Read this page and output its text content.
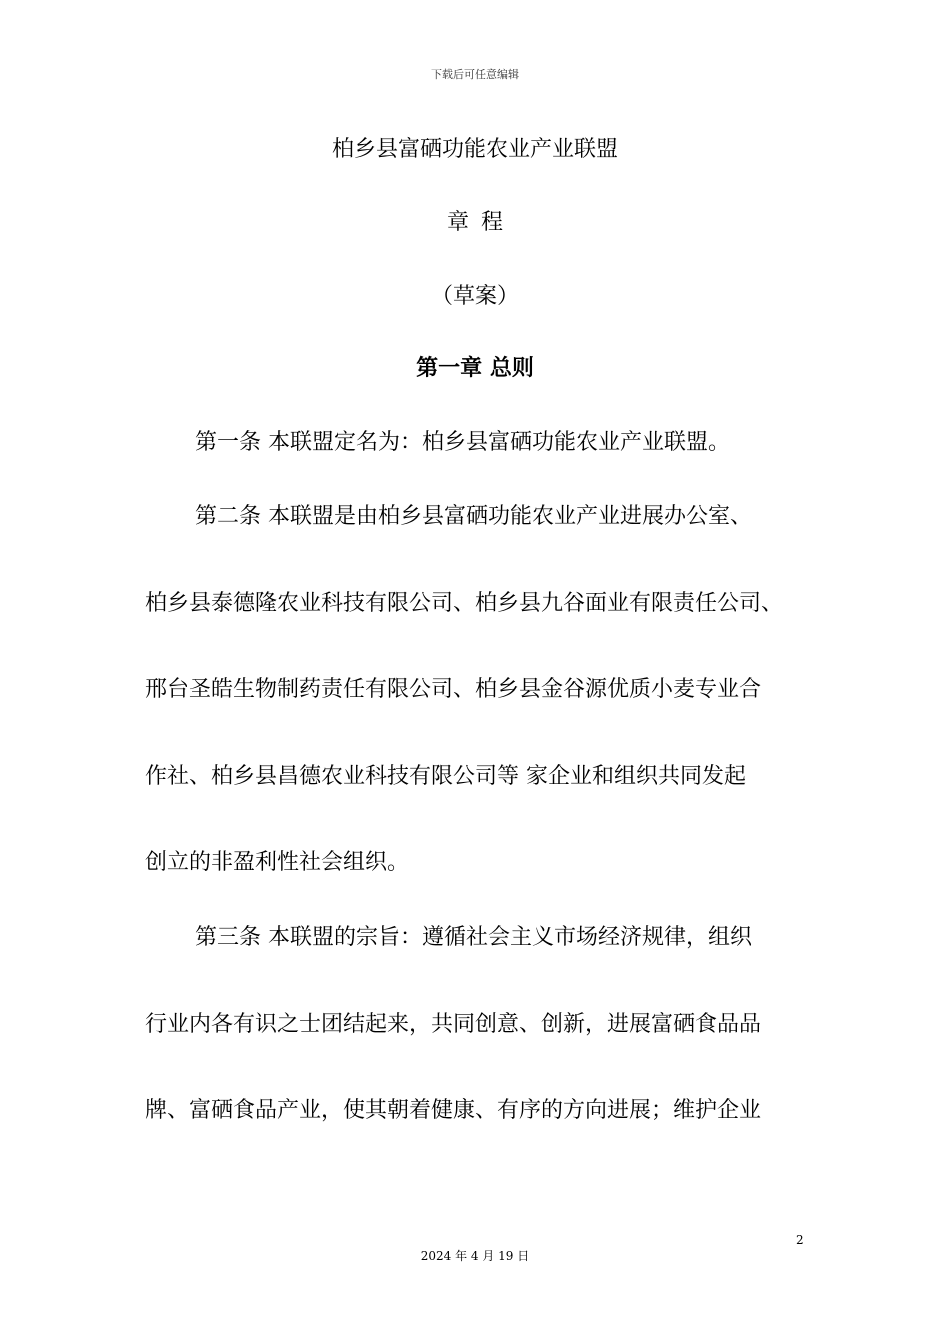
下载后可任意编辑
柏乡县富硒功能农业产业联盟
章程
（草案）
第一章 总则
第一条 本联盟定名为：柏乡县富硒功能农业产业联盟。
第二条 本联盟是由柏乡县富硒功能农业产业进展办公室、
柏乡县泰德隆农业科技有限公司、柏乡县九谷面业有限责任公司、
邢台圣皓生物制药责任有限公司、柏乡县金谷源优质小麦专业合
作社、柏乡县昌德农业科技有限公司等 家企业和组织共同发起
创立的非盈利性社会组织。
第三条 本联盟的宗旨：遵循社会主义市场经济规律，组织
行业内各有识之士团结起来，共同创意、创新，进展富硒食品品
牌、富硒食品产业，使其朝着健康、有序的方向进展；维护企业
2
2024 年 4 月 19 日
